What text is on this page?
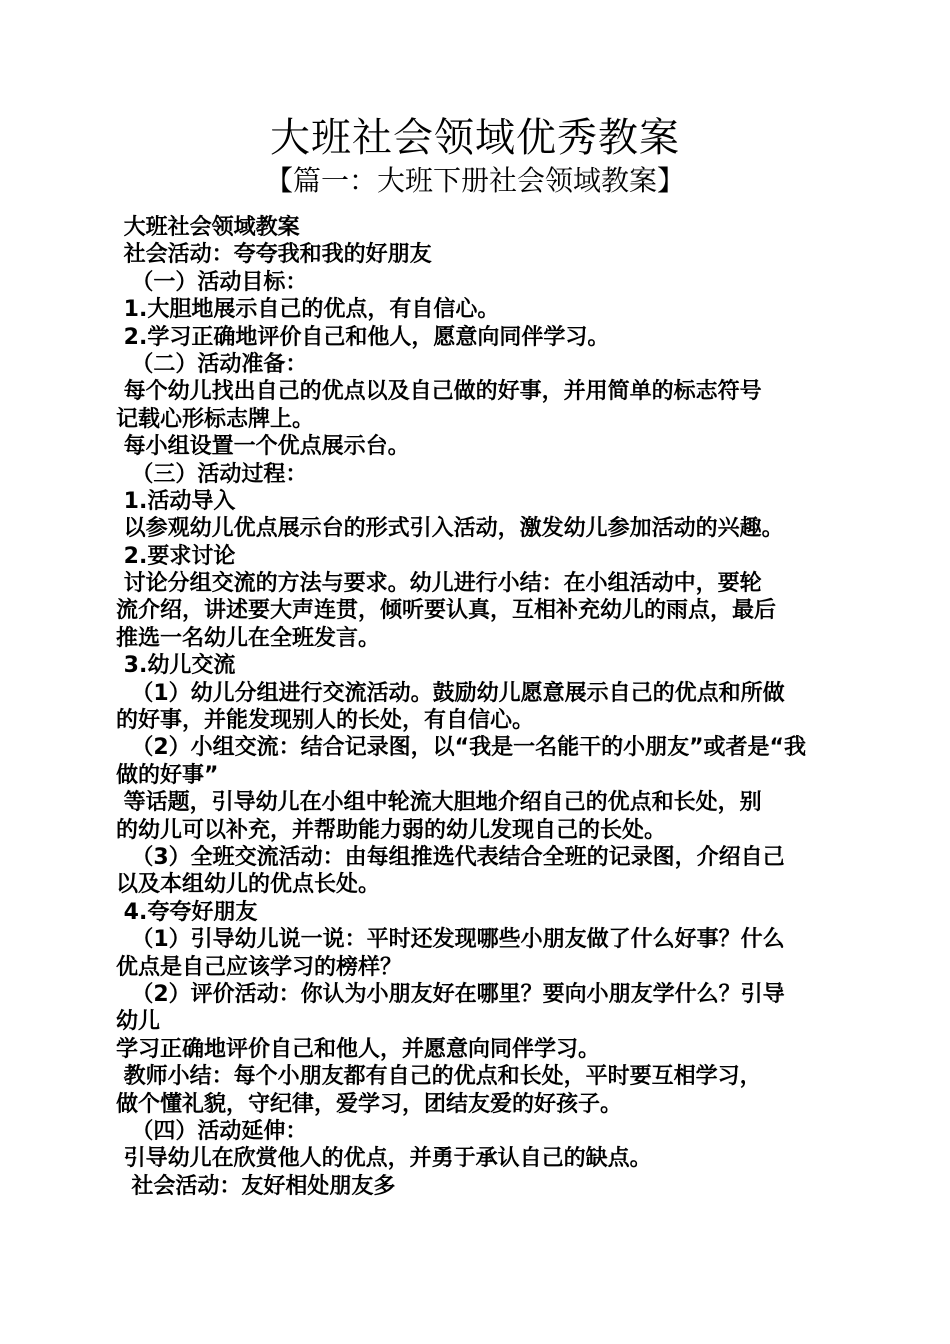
大班社会领域优秀教案
【篇一：大班下册社会领域教案】
大班社会领域教案
社会活动：夸夸我和我的好朋友
（一）活动目标：
1.大胆地展示自己的优点，有自信心。
2.学习正确地评价自己和他人，愿意向同伴学习。
（二）活动准备：
每个幼儿找出自己的优点以及自己做的好事，并用简单的标志符号
记载心形标志牌上。
每小组设置一个优点展示台。
（三）活动过程：
1.活动导入
以参观幼儿优点展示台的形式引入活动，激发幼儿参加活动的兴趣。
2.要求讨论
讨论分组交流的方法与要求。幼儿进行小结：在小组活动中，要轮
流介绍，讲述要大声连贯，倾听要认真，互相补充幼儿的雨点，最后
推选一名幼儿在全班发言。
3.幼儿交流
（1）幼儿分组进行交流活动。鼓励幼儿愿意展示自己的优点和所做
的好事，并能发现别人的长处，有自信心。
（2）小组交流：结合记录图，以“我是一名能干的小朋友”或者是“我
做的好事”
等话题，引导幼儿在小组中轮流大胆地介绍自己的优点和长处，别
的幼儿可以补充，并帮助能力弱的幼儿发现自己的长处。
（3）全班交流活动：由每组推选代表结合全班的记录图，介绍自己
以及本组幼儿的优点长处。
4.夸夸好朋友
（1）引导幼儿说一说：平时还发现哪些小朋友做了什么好事？什么
优点是自己应该学习的榜样？
（2）评价活动：你认为小朋友好在哪里？要向小朋友学什么？引导
幼儿
学习正确地评价自己和他人，并愿意向同伴学习。
教师小结：每个小朋友都有自己的优点和长处，平时要互相学习，
做个懂礼貌，守纪律，爱学习，团结友爱的好孩子。
（四）活动延伸：
引导幼儿在欣赏他人的优点，并勇于承认自己的缺点。
社会活动：友好相处朋友多
